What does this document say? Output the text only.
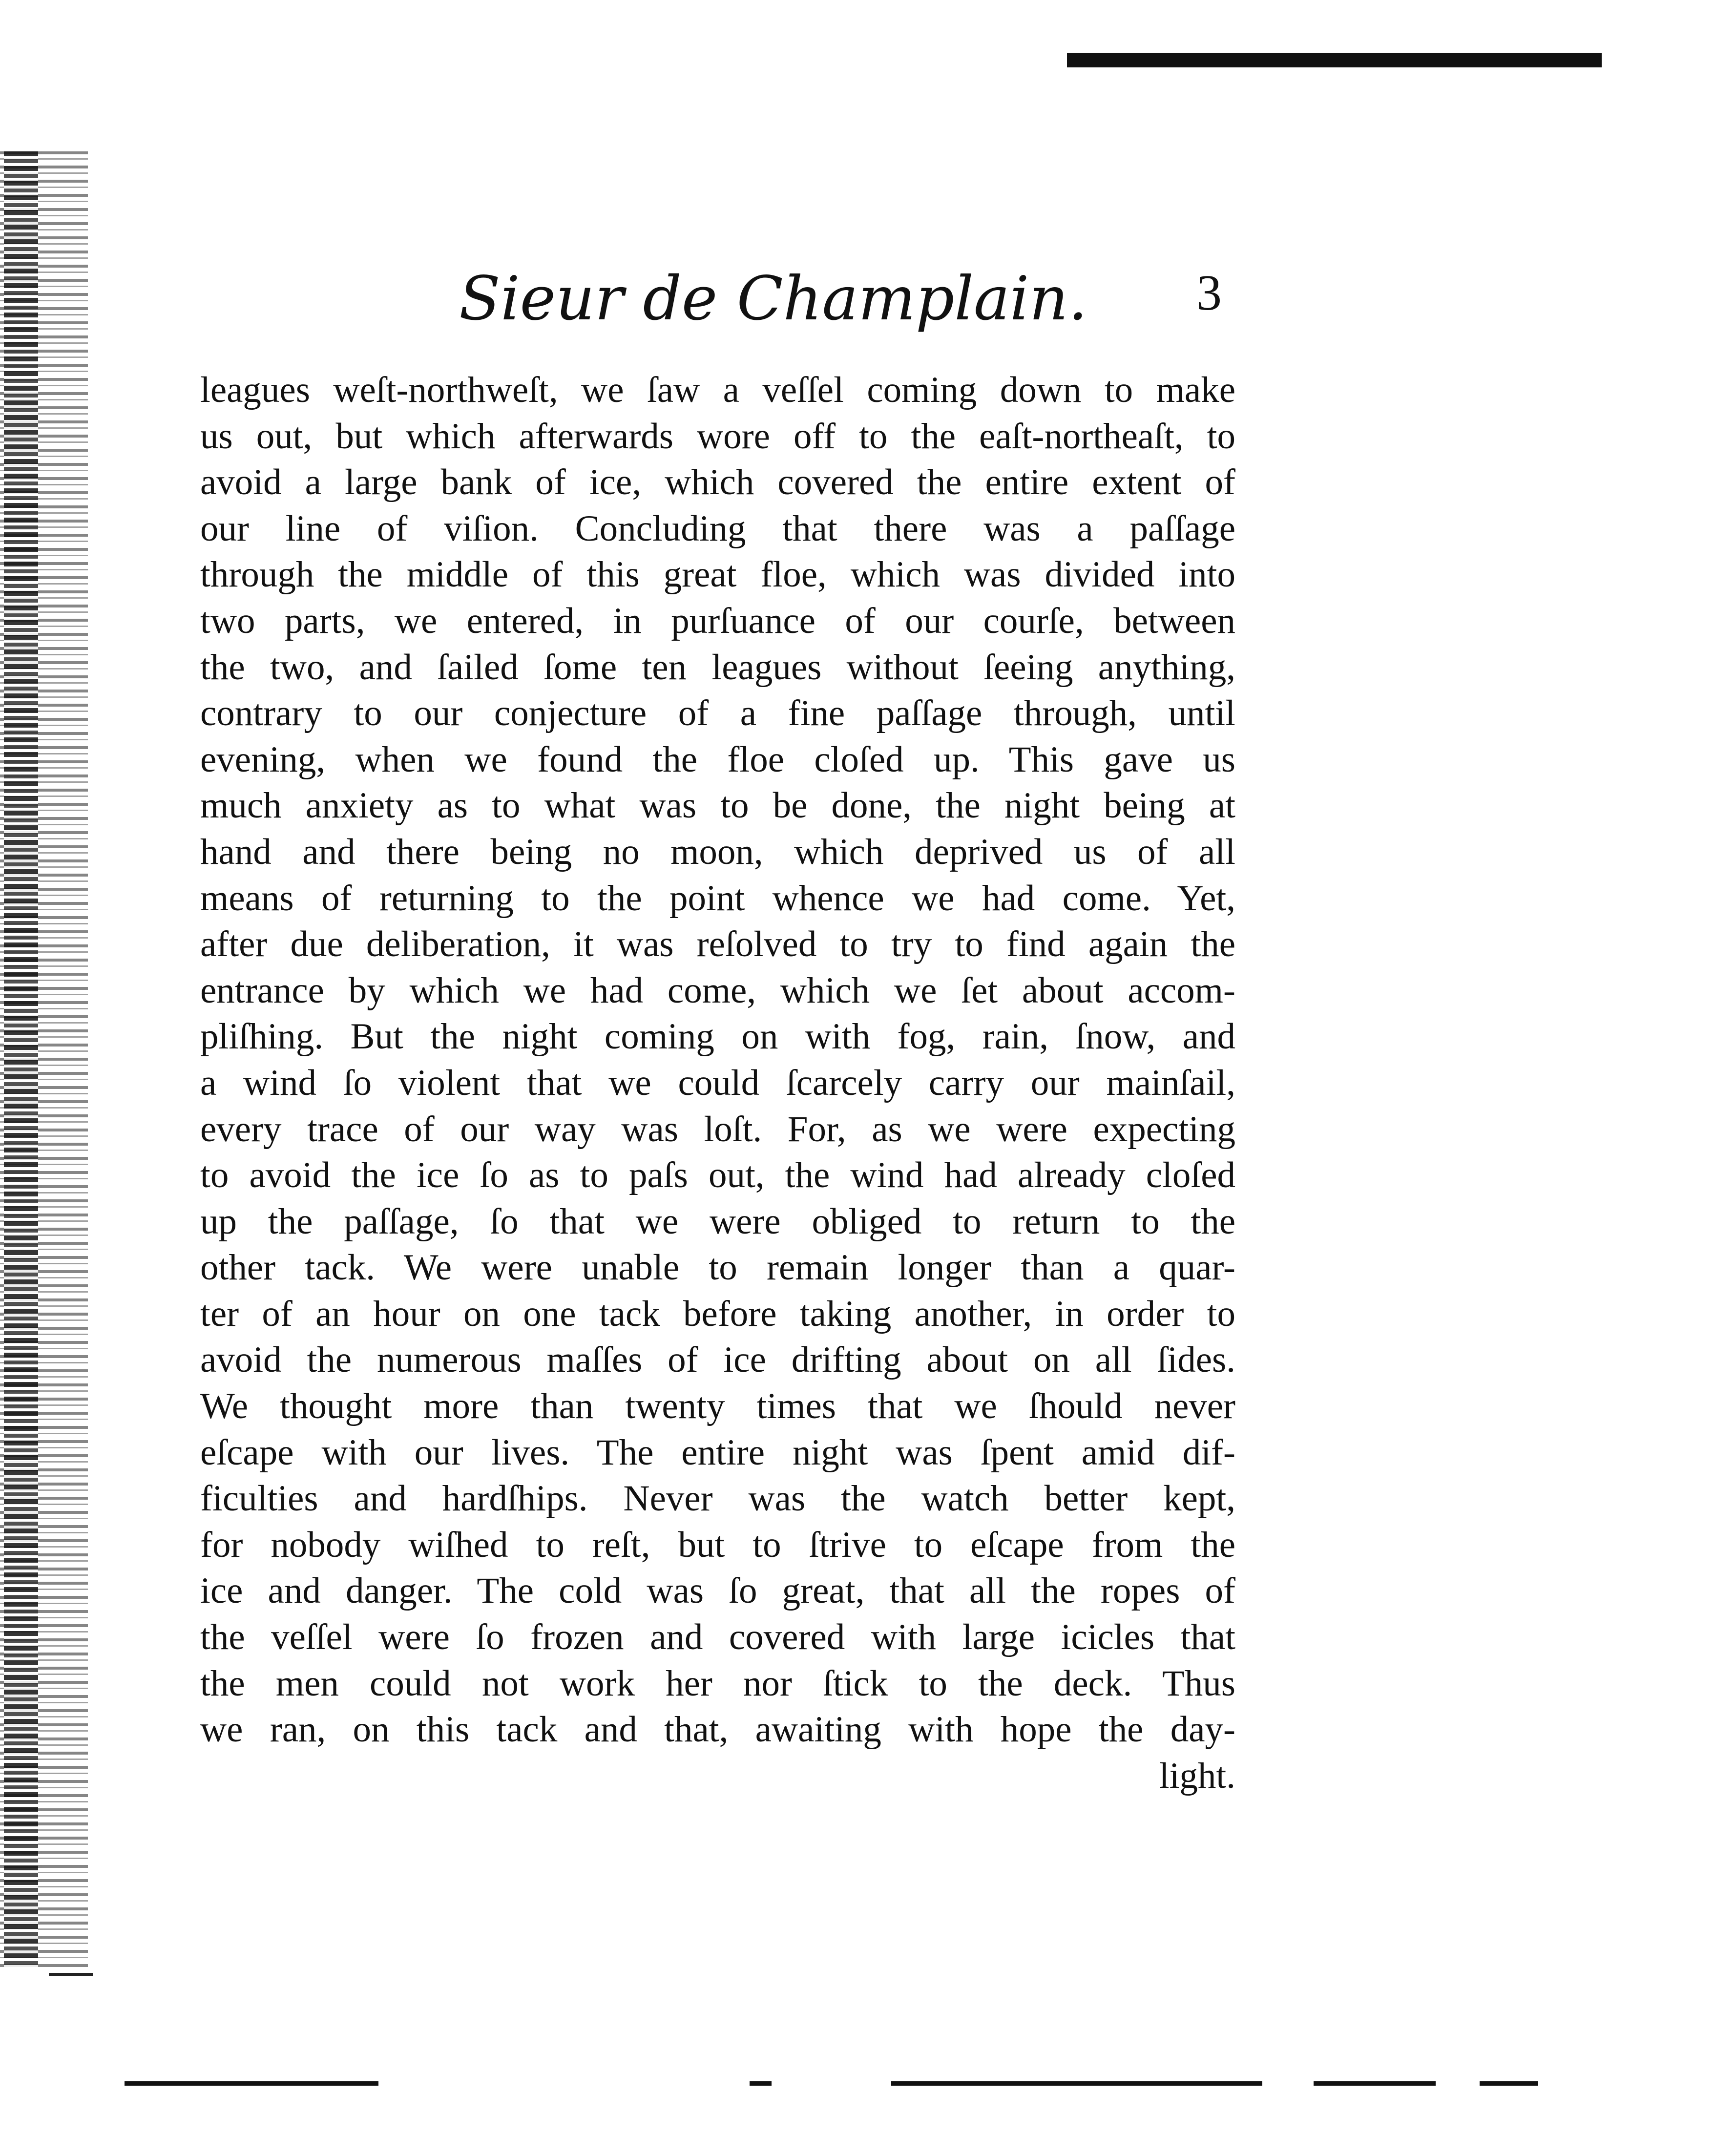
Sieur de Champlain. 3
leagues weſt-northweſt, we ſaw a veſſel coming down to make
us out, but which afterwards wore off to the eaſt-northeaſt, to
avoid a large bank of ice, which covered the entire extent of
our line of viſion. Concluding that there was a paſſage
through the middle of this great floe, which was divided into
two parts, we entered, in purſuance of our courſe, between
the two, and ſailed ſome ten leagues without ſeeing anything,
contrary to our conjecture of a fine paſſage through, until
evening, when we found the floe cloſed up. This gave us
much anxiety as to what was to be done, the night being at
hand and there being no moon, which deprived us of all
means of returning to the point whence we had come. Yet,
after due deliberation, it was reſolved to try to find again the
entrance by which we had come, which we ſet about accom-
pliſhing. But the night coming on with fog, rain, ſnow, and
a wind ſo violent that we could ſcarcely carry our mainſail,
every trace of our way was loſt. For, as we were expecting
to avoid the ice ſo as to paſs out, the wind had already cloſed
up the paſſage, ſo that we were obliged to return to the
other tack. We were unable to remain longer than a quar-
ter of an hour on one tack before taking another, in order to
avoid the numerous maſſes of ice drifting about on all ſides.
We thought more than twenty times that we ſhould never
eſcape with our lives. The entire night was ſpent amid dif-
ficulties and hardſhips. Never was the watch better kept,
for nobody wiſhed to reſt, but to ſtrive to eſcape from the
ice and danger. The cold was ſo great, that all the ropes of
the veſſel were ſo frozen and covered with large icicles that
the men could not work her nor ſtick to the deck. Thus
we ran, on this tack and that, awaiting with hope the day-
light.
